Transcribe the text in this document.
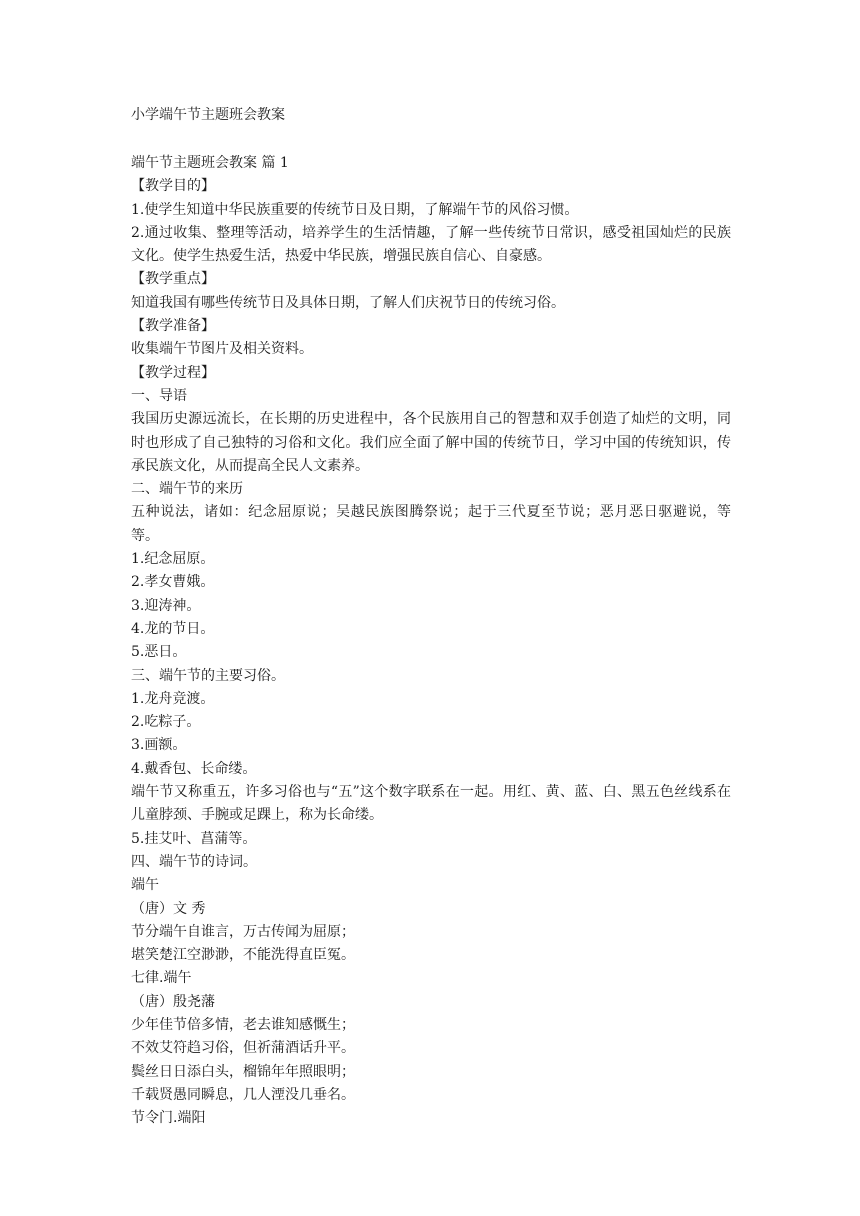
小学端午节主题班会教案
端午节主题班会教案 篇 1
【教学目的】
1.使学生知道中华民族重要的传统节日及日期，了解端午节的风俗习惯。
2.通过收集、整理等活动，培养学生的生活情趣，了解一些传统节日常识，感受祖国灿烂的民族文化。使学生热爱生活，热爱中华民族，增强民族自信心、自豪感。
【教学重点】
知道我国有哪些传统节日及具体日期，了解人们庆祝节日的传统习俗。
【教学准备】
收集端午节图片及相关资料。
【教学过程】
一、导语
我国历史源远流长，在长期的历史进程中，各个民族用自己的智慧和双手创造了灿烂的文明，同时也形成了自己独特的习俗和文化。我们应全面了解中国的传统节日，学习中国的传统知识，传承民族文化，从而提高全民人文素养。
二、端午节的来历
五种说法，诸如：纪念屈原说；吴越民族图腾祭说；起于三代夏至节说；恶月恶日驱避说，等等。
1.纪念屈原。
2.孝女曹娥。
3.迎涛神。
4.龙的节日。
5.恶日。
三、端午节的主要习俗。
1.龙舟竞渡。
2.吃粽子。
3.画额。
4.戴香包、长命缕。
端午节又称重五，许多习俗也与“五”这个数字联系在一起。用红、黄、蓝、白、黑五色丝线系在儿童脖颈、手腕或足踝上，称为长命缕。
5.挂艾叶、菖蒲等。
四、端午节的诗词。
端午
（唐）文 秀
节分端午自谁言，万古传闻为屈原；
堪笑楚江空渺渺，不能洗得直臣冤。
七律.端午
（唐）殷尧藩
少年佳节倍多情，老去谁知感慨生；
不效艾符趋习俗，但祈蒲酒话升平。
鬓丝日日添白头，榴锦年年照眼明；
千载贤愚同瞬息，几人湮没几垂名。
节令门.端阳
